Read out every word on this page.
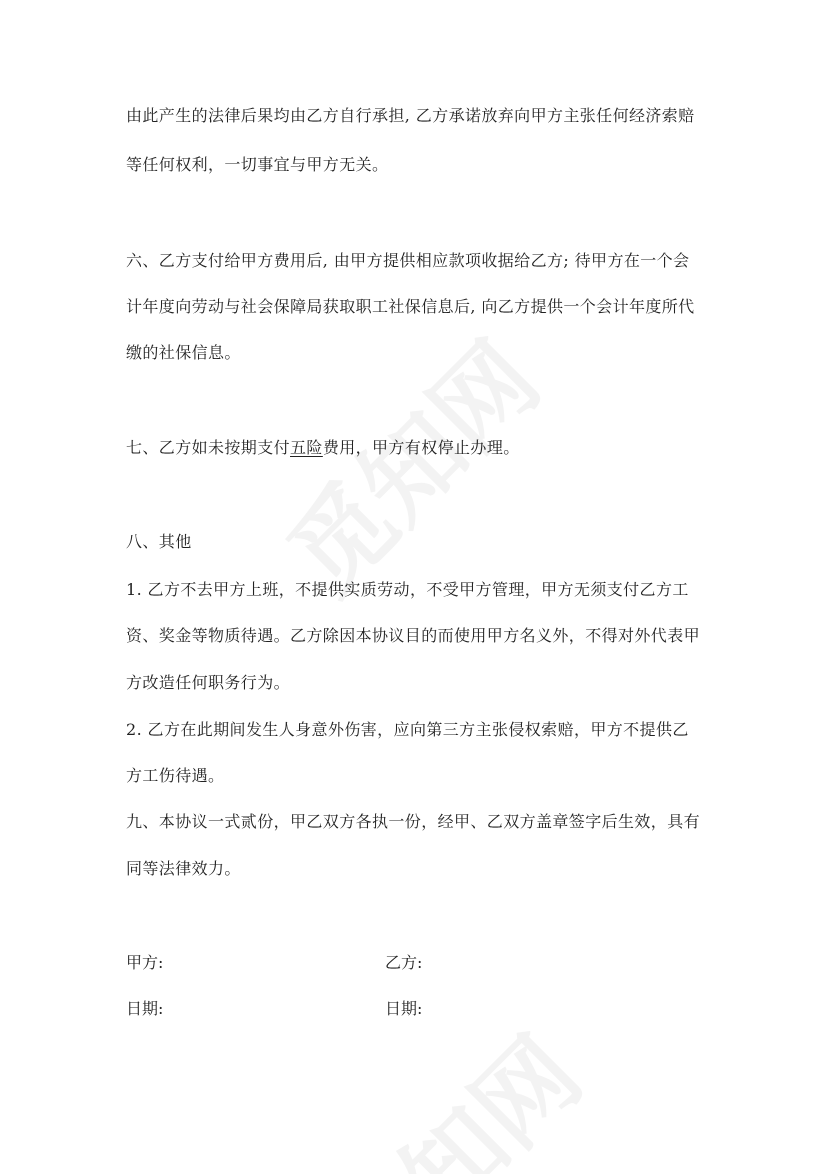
由此产生的法律后果均由乙方自行承担, 乙方承诺放弃向甲方主张任何经济索赔
等任何权利，一切事宜与甲方无关。
六、乙方支付给甲方费用后, 由甲方提供相应款项收据给乙方; 待甲方在一个会
计年度向劳动与社会保障局获取职工社保信息后, 向乙方提供一个会计年度所代
缴的社保信息。
七、乙方如未按期支付五险费用，甲方有权停止办理。
八、其他
1. 乙方不去甲方上班，不提供实质劳动，不受甲方管理，甲方无须支付乙方工
资、奖金等物质待遇。乙方除因本协议目的而使用甲方名义外，不得对外代表甲
方改造任何职务行为。
2. 乙方在此期间发生人身意外伤害，应向第三方主张侵权索赔，甲方不提供乙
方工伤待遇。
九、本协议一式贰份，甲乙双方各执一份，经甲、乙双方盖章签字后生效，具有
同等法律效力。
甲方:	乙方:
日期:	日期:
